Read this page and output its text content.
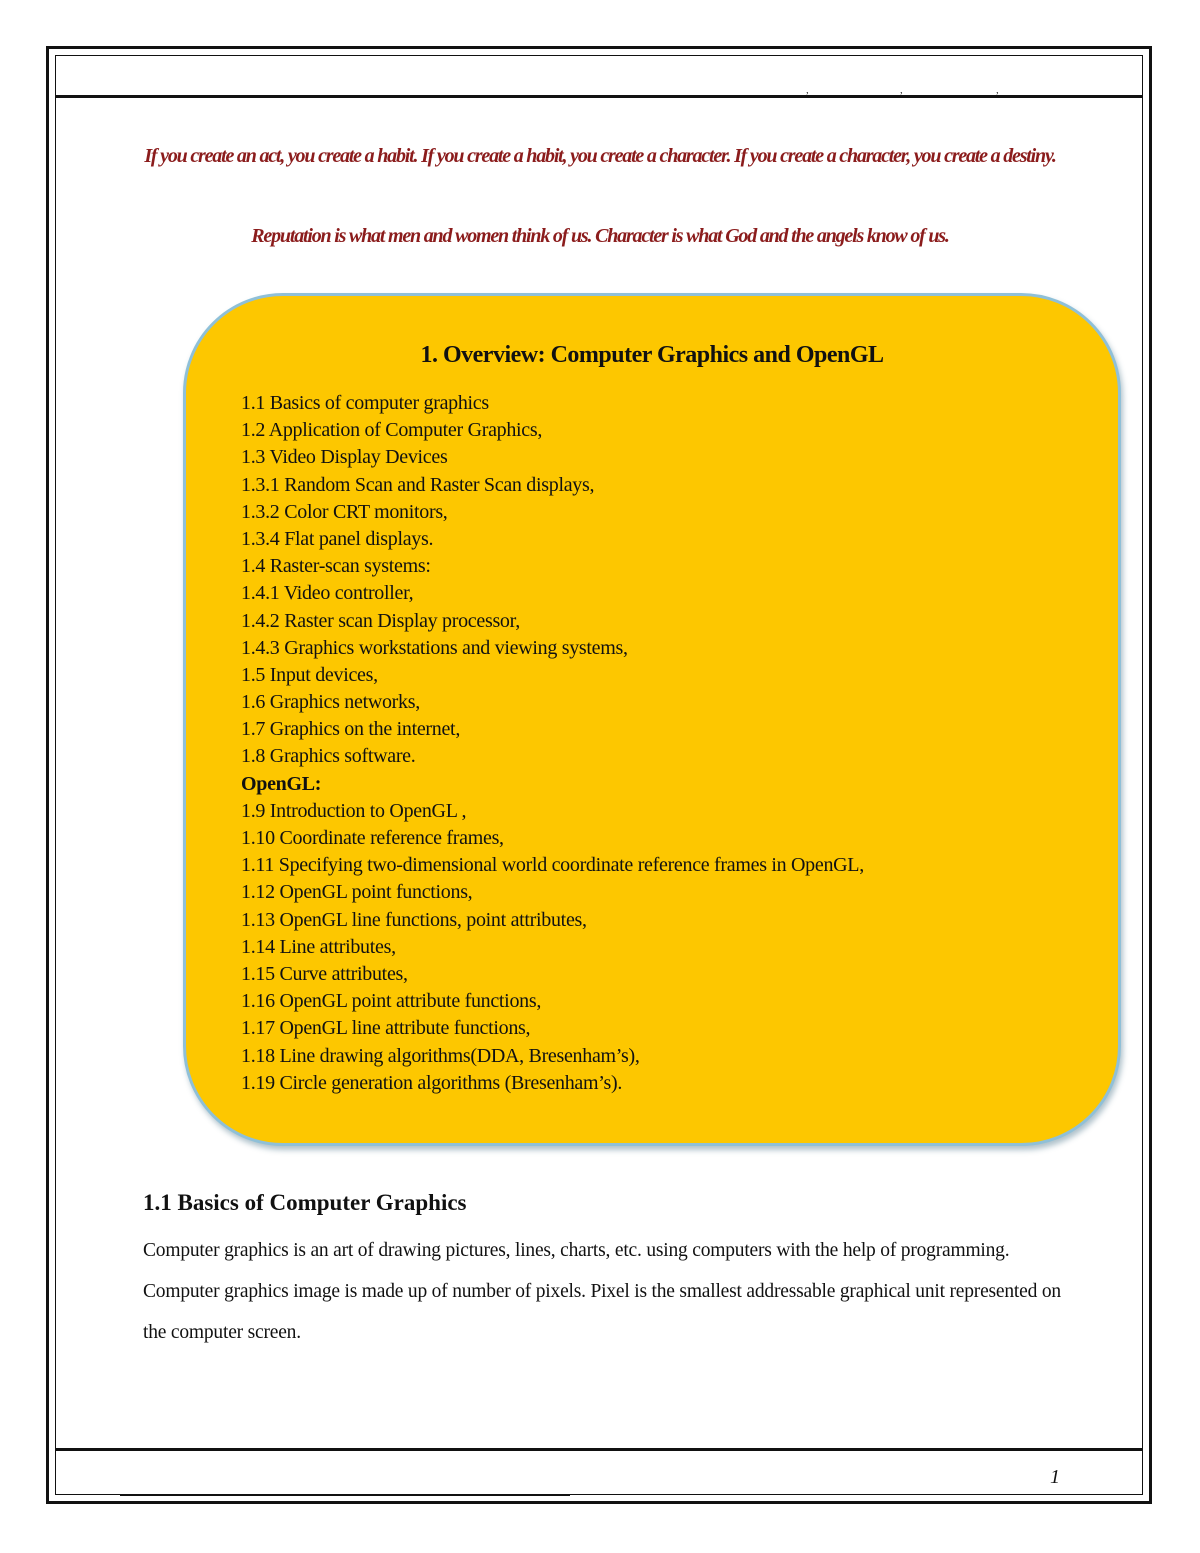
,	,	,
If you create an act, you create a habit. If you create a habit, you create a character. If you create a character, you create a destiny.
Reputation is what men and women think of us. Character is what God and the angels know of us.
1. Overview: Computer Graphics and OpenGL
1.1 Basics of computer graphics
1.2 Application of Computer Graphics,
1.3 Video Display Devices
1.3.1 Random Scan and Raster Scan displays,
1.3.2 Color CRT monitors,
1.3.4 Flat panel displays.
1.4 Raster-scan systems:
1.4.1 Video controller,
1.4.2 Raster scan Display processor,
1.4.3 Graphics workstations and viewing systems,
1.5 Input devices,
1.6 Graphics networks,
1.7 Graphics on the internet,
1.8 Graphics software.
OpenGL:
1.9 Introduction to OpenGL ,
1.10 Coordinate reference frames,
1.11 Specifying two-dimensional world coordinate reference frames in OpenGL,
1.12 OpenGL point functions,
1.13 OpenGL line functions, point attributes,
1.14 Line attributes,
1.15 Curve attributes,
1.16 OpenGL point attribute functions,
1.17 OpenGL line attribute functions,
1.18 Line drawing algorithms(DDA, Bresenham’s),
1.19 Circle generation algorithms (Bresenham’s).
1.1 Basics of Computer Graphics

Computer graphics is an art of drawing pictures, lines, charts, etc. using computers with the help of programming. Computer graphics image is made up of number of pixels. Pixel is the smallest addressable graphical unit represented on the computer screen.

1
